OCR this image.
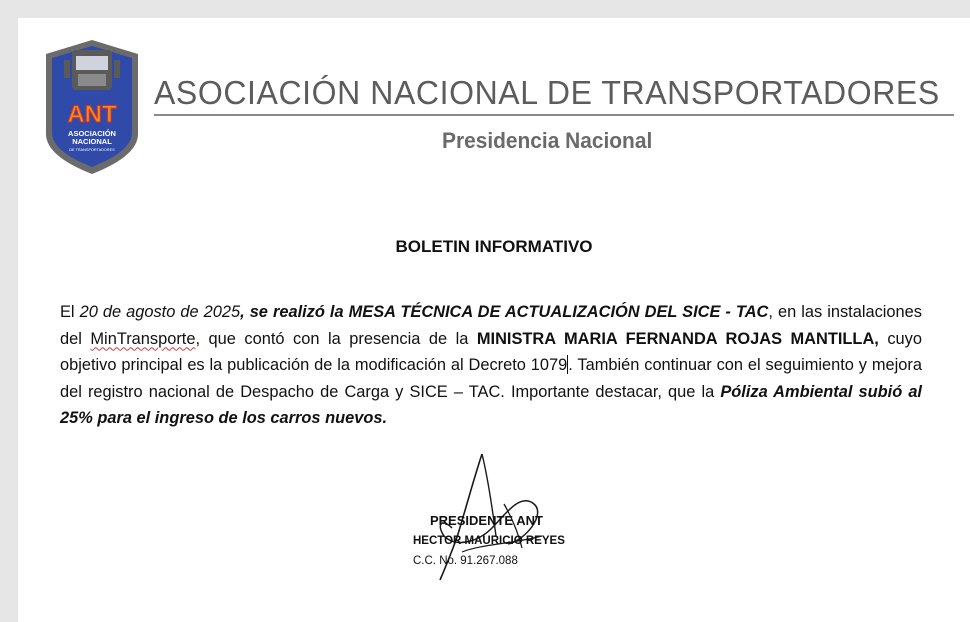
ANT
ASOCIACIÓN
NACIONAL
DE TRANSPORTADORES
ASOCIACIÓN NACIONAL DE TRANSPORTADORES
Presidencia Nacional
BOLETIN INFORMATIVO
El 20 de agosto de 2025, se realizó la MESA TÉCNICA DE ACTUALIZACIÓN DEL SICE - TAC, en las instalaciones del MinTransporte, que contó con la presencia de la MINISTRA MARIA FERNANDA ROJAS MANTILLA, cuyo objetivo principal es la publicación de la modificación al Decreto 1079. También continuar con el seguimiento y mejora del registro nacional de Despacho de Carga y SICE – TAC. Importante destacar, que la Póliza Ambiental subió al 25% para el ingreso de los carros nuevos.
PRESIDENTE ANT
HECTOR MAURICIO REYES
C.C. No. 91.267.088
